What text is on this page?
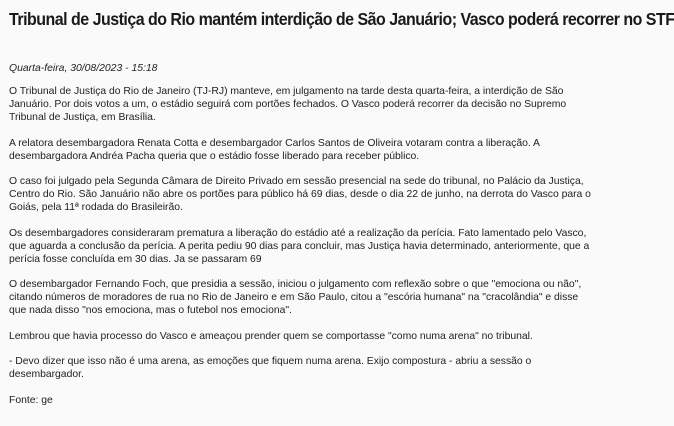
Tribunal de Justiça do Rio mantém interdição de São Januário; Vasco poderá recorrer no STF
Quarta-feira, 30/08/2023 - 15:18

O Tribunal de Justiça do Rio de Janeiro (TJ-RJ) manteve, em julgamento na tarde desta quarta-feira, a interdição de São Januário. Por dois votos a um, o estádio seguirá com portões fechados. O Vasco poderá recorrer da decisão no Supremo Tribunal de Justiça, em Brasília.

A relatora desembargadora Renata Cotta e desembargador Carlos Santos de Oliveira votaram contra a liberação. A desembargadora Andréa Pacha queria que o estádio fosse liberado para receber público.

O caso foi julgado pela Segunda Câmara de Direito Privado em sessão presencial na sede do tribunal, no Palácio da Justiça, Centro do Rio. São Januário não abre os portões para público há 69 dias, desde o dia 22 de junho, na derrota do Vasco para o Goiás, pela 11ª rodada do Brasileirão.

Os desembargadores consideraram prematura a liberação do estádio até a realização da perícia. Fato lamentado pelo Vasco, que aguarda a conclusão da perícia. A perita pediu 90 dias para concluir, mas Justiça havia determinado, anteriormente, que a perícia fosse concluída em 30 dias. Ja se passaram 69

O desembargador Fernando Foch, que presidia a sessão, iniciou o julgamento com reflexão sobre o que "emociona ou não", citando números de moradores de rua no Rio de Janeiro e em São Paulo, citou a "escória humana" na "cracolândia" e disse que nada disso "nos emociona, mas o futebol nos emociona".

Lembrou que havia processo do Vasco e ameaçou prender quem se comportasse "como numa arena" no tribunal.

- Devo dizer que isso não é uma arena, as emoções que fiquem numa arena. Exijo compostura - abriu a sessão o desembargador.

Fonte: ge
